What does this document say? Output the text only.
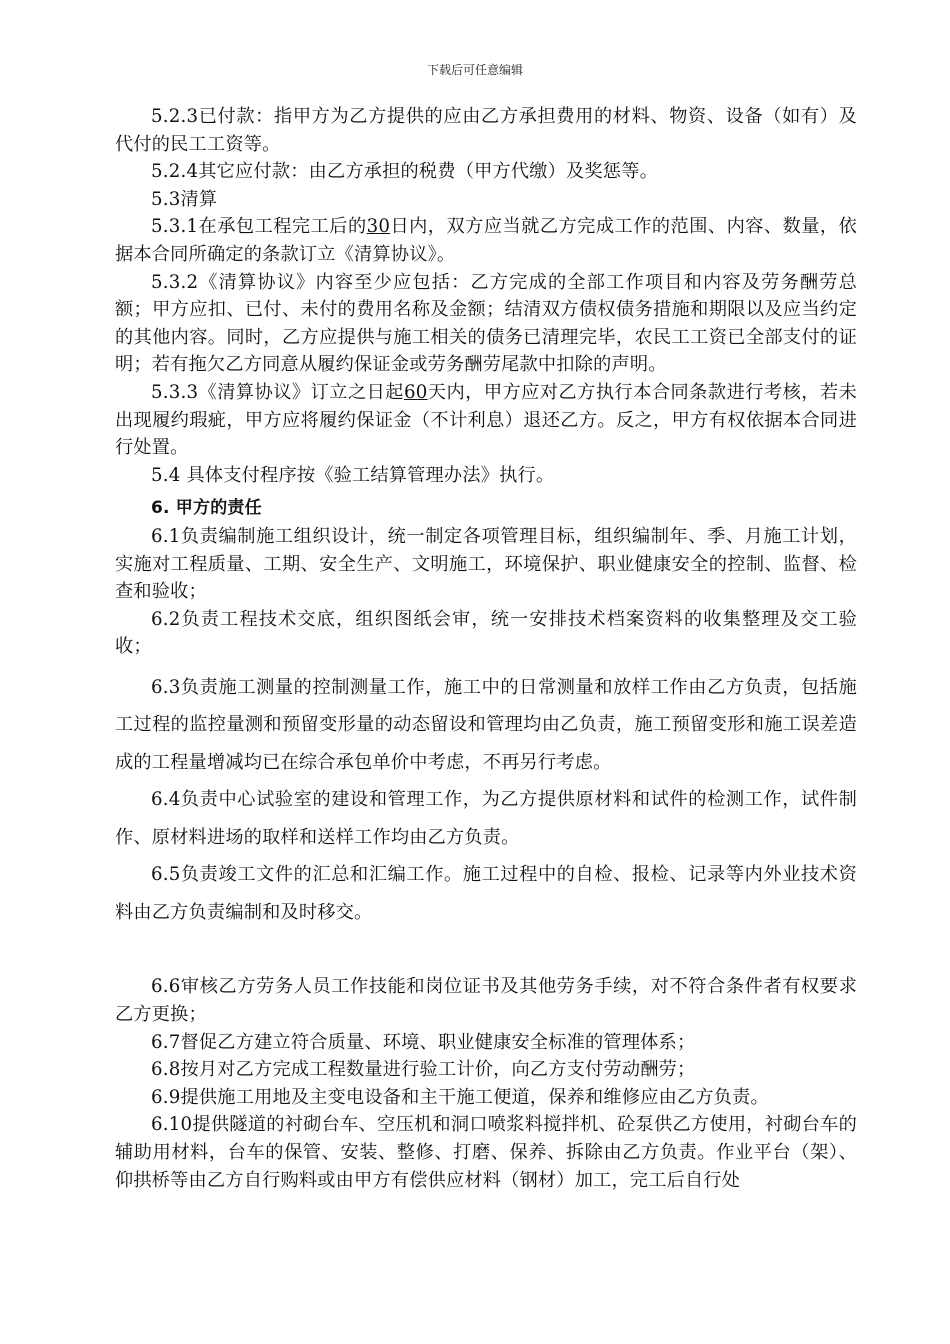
下载后可任意编辑

5.2.3已付款：指甲方为乙方提供的应由乙方承担费用的材料、物资、设备（如有）及代付的民工工资等。

5.2.4其它应付款：由乙方承担的税费（甲方代缴）及奖惩等。

5.3清算

5.3.1在承包工程完工后的30日内，双方应当就乙方完成工作的范围、内容、数量，依据本合同所确定的条款订立《清算协议》。

5.3.2《清算协议》内容至少应包括：乙方完成的全部工作项目和内容及劳务酬劳总额；甲方应扣、已付、未付的费用名称及金额；结清双方债权债务措施和期限以及应当约定的其他内容。同时，乙方应提供与施工相关的债务已清理完毕，农民工工资已全部支付的证明；若有拖欠乙方同意从履约保证金或劳务酬劳尾款中扣除的声明。

5.3.3《清算协议》订立之日起60天内，甲方应对乙方执行本合同条款进行考核，若未出现履约瑕疵，甲方应将履约保证金（不计利息）退还乙方。反之，甲方有权依据本合同进行处置。

5.4 具体支付程序按《验工结算管理办法》执行。

6. 甲方的责任

6.1负责编制施工组织设计，统一制定各项管理目标，组织编制年、季、月施工计划，实施对工程质量、工期、安全生产、文明施工，环境保护、职业健康安全的控制、监督、检查和验收；

6.2负责工程技术交底，组织图纸会审，统一安排技术档案资料的收集整理及交工验收；

6.3负责施工测量的控制测量工作，施工中的日常测量和放样工作由乙方负责，包括施工过程的监控量测和预留变形量的动态留设和管理均由乙负责，施工预留变形和施工误差造成的工程量增减均已在综合承包单价中考虑，不再另行考虑。

6.4负责中心试验室的建设和管理工作，为乙方提供原材料和试件的检测工作，试件制作、原材料进场的取样和送样工作均由乙方负责。

6.5负责竣工文件的汇总和汇编工作。施工过程中的自检、报检、记录等内外业技术资料由乙方负责编制和及时移交。

6.6审核乙方劳务人员工作技能和岗位证书及其他劳务手续，对不符合条件者有权要求乙方更换；

6.7督促乙方建立符合质量、环境、职业健康安全标准的管理体系；

6.8按月对乙方完成工程数量进行验工计价，向乙方支付劳动酬劳；

6.9提供施工用地及主变电设备和主干施工便道，保养和维修应由乙方负责。

6.10提供隧道的衬砌台车、空压机和洞口喷浆料搅拌机、砼泵供乙方使用，衬砌台车的辅助用材料，台车的保管、安装、整修、打磨、保养、拆除由乙方负责。作业平台（架）、仰拱桥等由乙方自行购料或由甲方有偿供应材料（钢材）加工，完工后自行处
